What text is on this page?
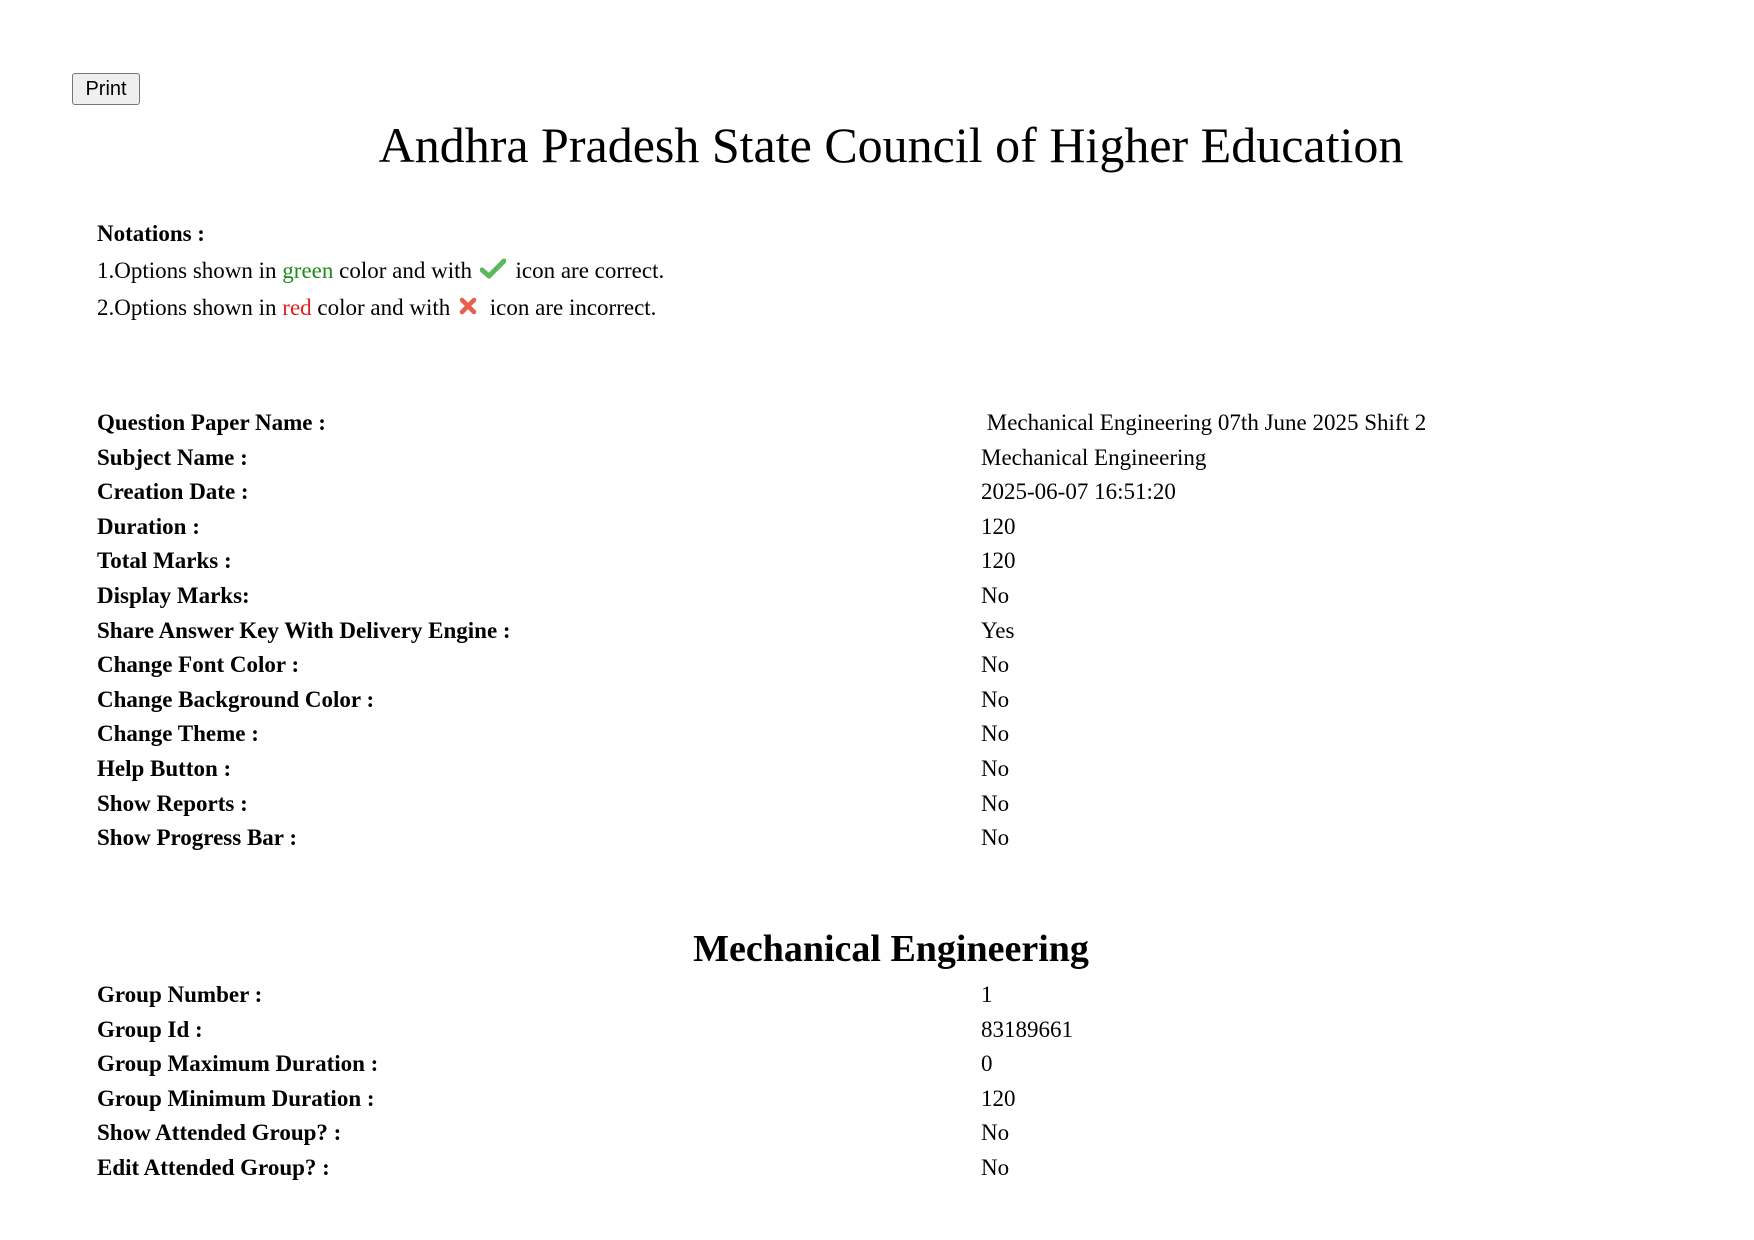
Print
Andhra Pradesh State Council of Higher Education
Notations :
1.Options shown in green color and with  icon are correct.
2.Options shown in red color and with  icon are incorrect.
Question Paper Name :	Mechanical Engineering 07th June 2025 Shift 2
Subject Name :	Mechanical Engineering
Creation Date :	2025-06-07 16:51:20
Duration :	120
Total Marks :	120
Display Marks:	No
Share Answer Key With Delivery Engine :	Yes
Change Font Color :	No
Change Background Color :	No
Change Theme :	No
Help Button :	No
Show Reports :	No
Show Progress Bar :	No
Mechanical Engineering
Group Number :	1
Group Id :	83189661
Group Maximum Duration :	0
Group Minimum Duration :	120
Show Attended Group? :	No
Edit Attended Group? :	No
